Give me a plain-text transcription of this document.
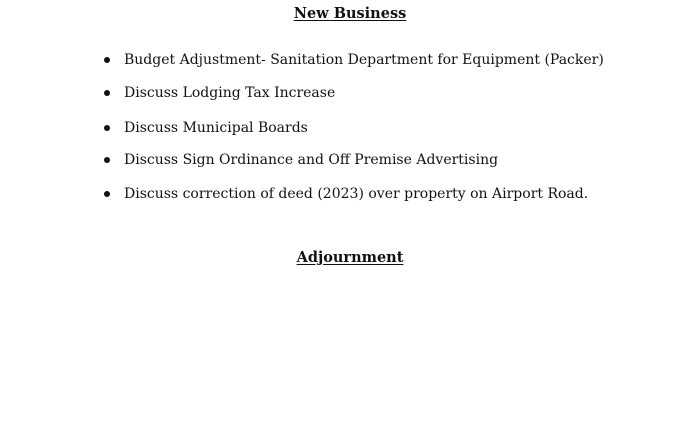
New Business
Budget Adjustment- Sanitation Department for Equipment (Packer)
Discuss Lodging Tax Increase
Discuss Municipal Boards
Discuss Sign Ordinance and Off Premise Advertising
Discuss correction of deed (2023) over property on Airport Road.
Adjournment
